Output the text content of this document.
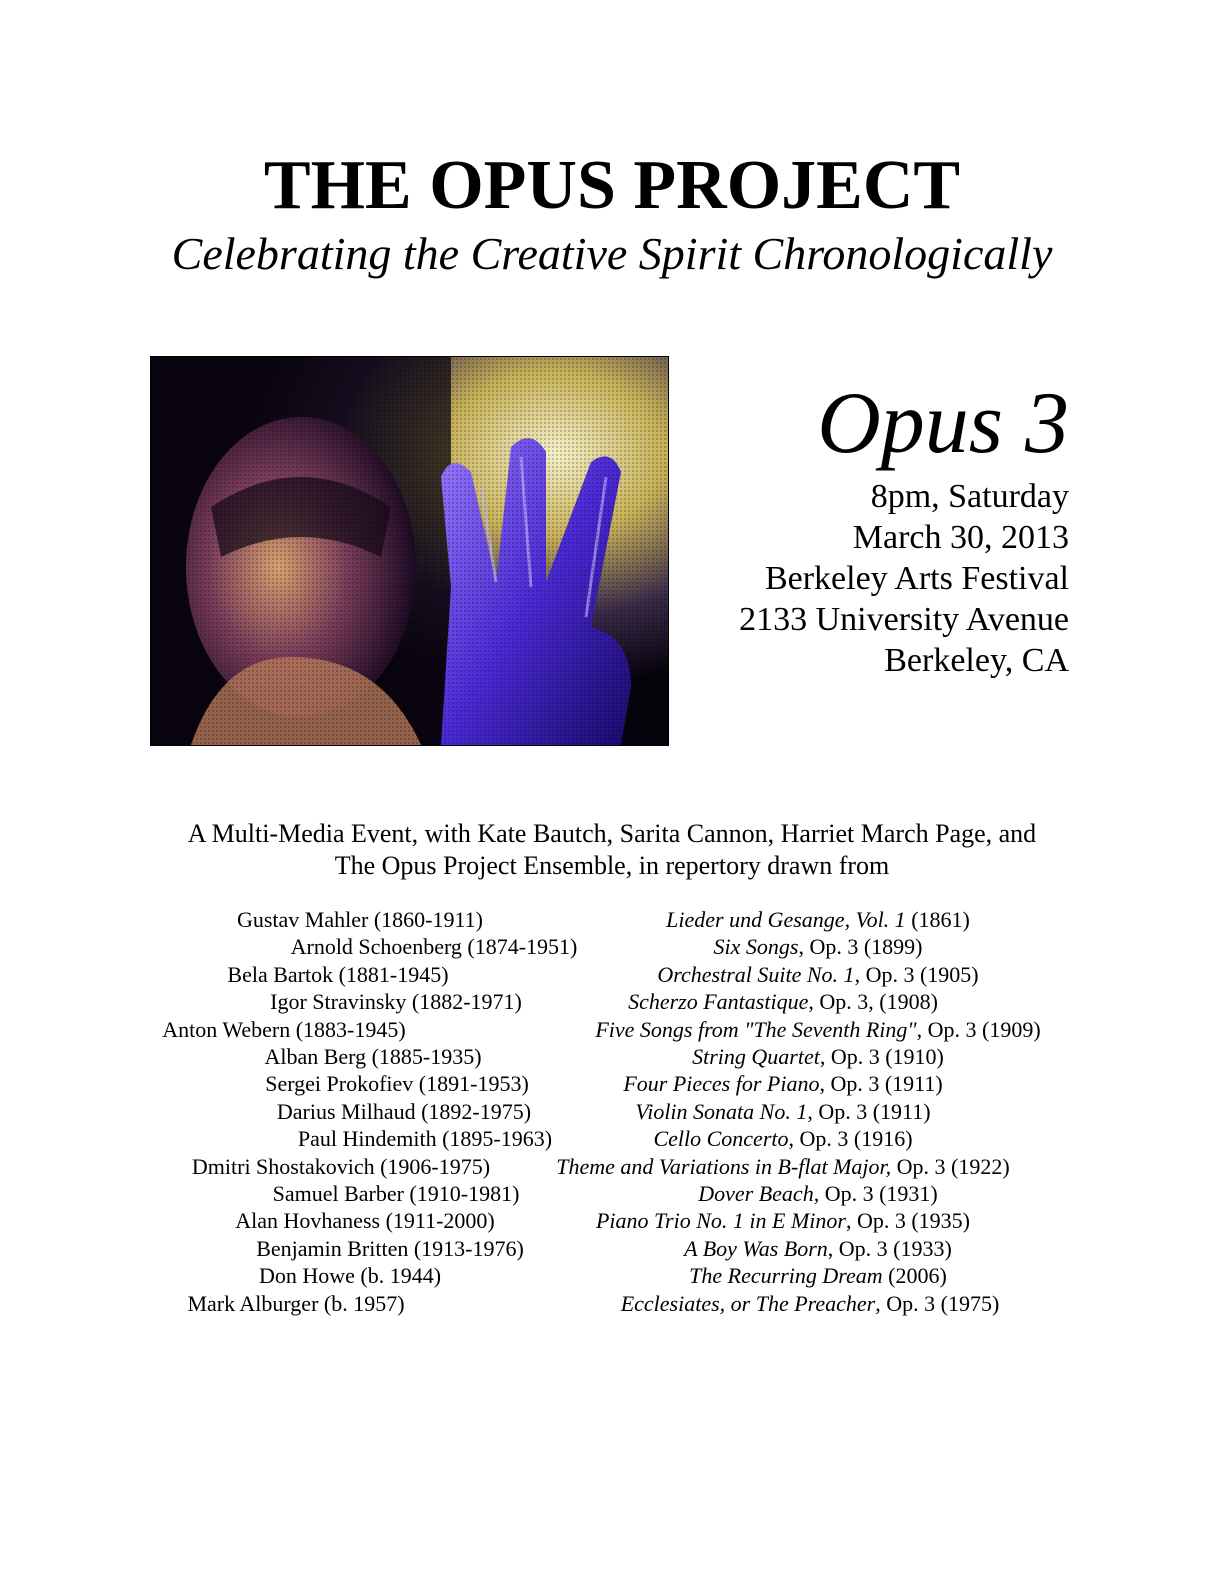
THE OPUS PROJECT
Celebrating the Creative Spirit Chronologically
Opus 3
8pm, Saturday
March 30, 2013
Berkeley Arts Festival
2133 University Avenue
Berkeley, CA
A Multi-Media Event, with Kate Bautch, Sarita Cannon, Harriet March Page, and
The Opus Project Ensemble, in repertory drawn from
Gustav Mahler (1860-1911)	Lieder und Gesange, Vol. 1 (1861)
Arnold Schoenberg (1874-1951)	Six Songs, Op. 3 (1899)
Bela Bartok (1881-1945)	Orchestral Suite No. 1, Op. 3 (1905)
Igor Stravinsky (1882-1971)	Scherzo Fantastique, Op. 3, (1908)
Anton Webern (1883-1945)	Five Songs from "The Seventh Ring", Op. 3 (1909)
Alban Berg (1885-1935)	String Quartet, Op. 3 (1910)
Sergei Prokofiev (1891-1953)	Four Pieces for Piano, Op. 3 (1911)
Darius Milhaud (1892-1975)	Violin Sonata No. 1, Op. 3 (1911)
Paul Hindemith (1895-1963)	Cello Concerto, Op. 3 (1916)
Dmitri Shostakovich (1906-1975)	Theme and Variations in B-flat Major, Op. 3 (1922)
Samuel Barber (1910-1981)	Dover Beach, Op. 3 (1931)
Alan Hovhaness (1911-2000)	Piano Trio No. 1 in E Minor, Op. 3 (1935)
Benjamin Britten (1913-1976)	A Boy Was Born, Op. 3 (1933)
Don Howe (b. 1944)	The Recurring Dream (2006)
Mark Alburger (b. 1957)	Ecclesiates, or The Preacher, Op. 3 (1975)
